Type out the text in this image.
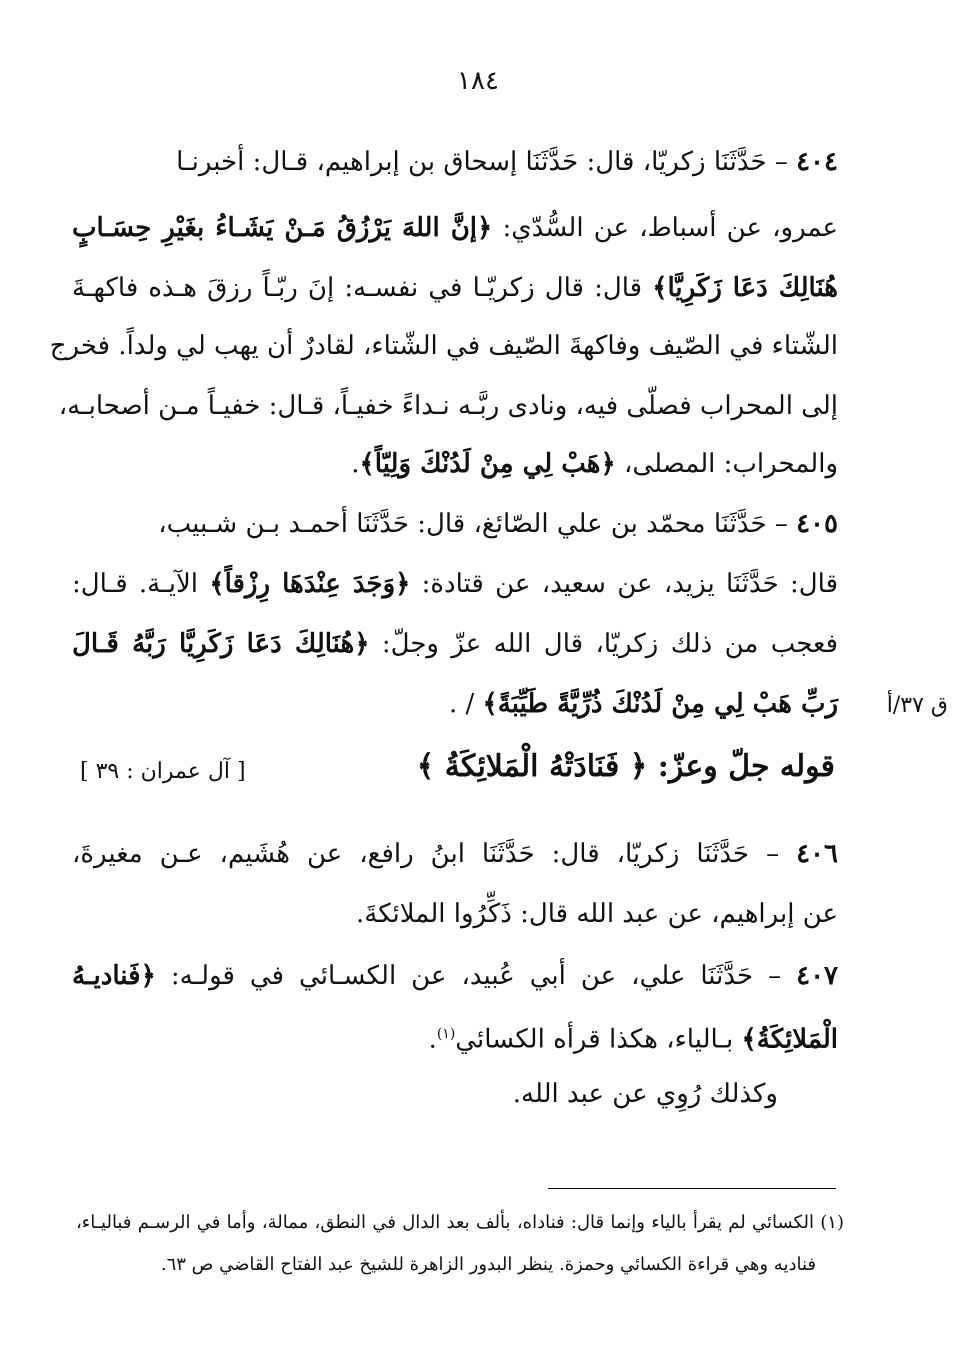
١٨٤
٤٠٤ – حَدَّثَنَا زكريّا، قال: حَدَّثَنَا إسحاق بن إبراهيم، قـال: أخبرنـا
عمرو، عن أسباط، عن السُّدّي: ﴿إنَّ اللهَ يَرْزُقُ مَـنْ يَشَـاءُ بغَيْرِ حِسَـابٍ
هُنَالِكَ دَعَا زَكَرِيَّا﴾ قال: قال زكريّـا في نفسـه: إنَ ربّـاً رزقَ هـذه فاكهـةَ
الشّتاء في الصّيف وفاكهةَ الصّيف في الشّتاء، لقادرٌ أن يهب لي ولداً. فخرج
إلى المحراب فصلّى فيه، ونادى ربَّـه نـداءً خفيـاً، قـال: خفيـاً مـن أصحابـه،
والمحراب: المصلى، ﴿هَبْ لِي مِنْ لَدُنْكَ وَلِيّاً﴾.
٤٠٥ – حَدَّثَنَا محمّد بن علي الصّائغ، قال: حَدَّثَنَا أحمـد بـن شـبيب،
قال: حَدَّثَنَا يزيد، عن سعيد، عن قتادة: ﴿وَجَدَ عِنْدَهَا رِزْقاً﴾ الآيـة. قـال:
فعجب من ذلك زكريّا، قال الله عزّ وجلّ: ﴿هُنَالِكَ دَعَا زَكَرِيَّا رَبَّهُ قَـالَ
رَبِّ هَبْ لِي مِنْ لَدُنْكَ ذُرِّيَّةً طَيِّبَةً﴾ / .	ق ٣٧/أ
قوله جلّ وعزّ: ﴿ فَنَادَتْهُ الْمَلائِكَةُ ﴾
[ آل عمران : ٣٩ ]
٤٠٦ – حَدَّثَنَا زكريّا، قال: حَدَّثَنَا ابنُ رافع، عن هُشَيم، عـن مغيرةَ،
عن إبراهيم، عن عبد الله قال: ذَكِّرُوا الملائكةَ.
٤٠٧ – حَدَّثَنَا علي، عن أبي عُبيد، عن الكسـائي في قولـه: ﴿فَناديـهُ
الْمَلائِكَةُ﴾ بـالياء، هكذا قرأه الكسائي$^{(١)}$.
وكذلك رُوِي عن عبد الله.
(١) الكسائي لم يقرأ بالياء وإنما قال: فناداه، بألف بعد الدال في النطق، ممالة، وأما في الرسـم فباليـاء،
فناديه وهي قراءة الكسائي وحمزة. ينظر البدور الزاهرة للشيخ عبد الفتاح القاضي ص ٦٣.
